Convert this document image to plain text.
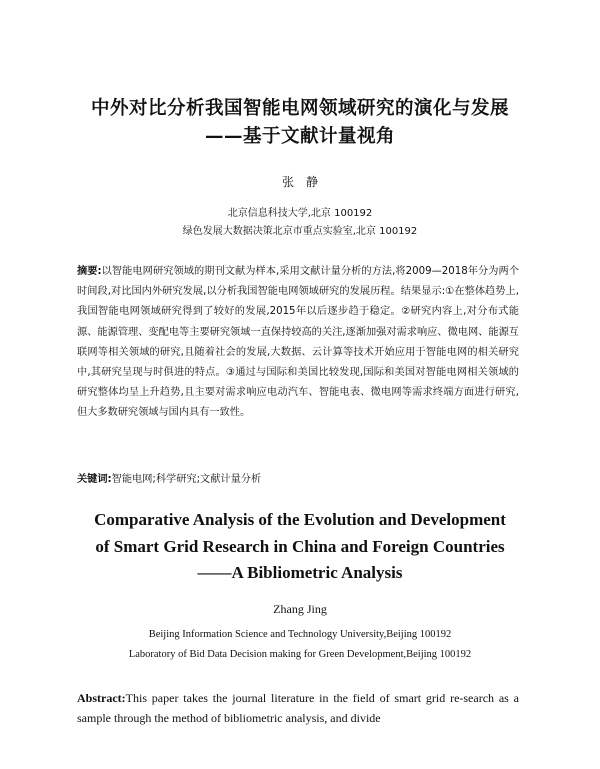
中外对比分析我国智能电网领域研究的演化与发展
——基于文献计量视角
张静
北京信息科技大学,北京 100192
绿色发展大数据决策北京市重点实验室,北京 100192
摘要:以智能电网研究领域的期刊文献为样本,采用文献计量分析的方法,将2009—2018年分为两个时间段,对比国内外研究发展,以分析我国智能电网领域研究的发展历程。结果显示:①在整体趋势上,我国智能电网领域研究得到了较好的发展,2015年以后逐步趋于稳定。②研究内容上,对分布式能源、能源管理、变配电等主要研究领域一直保持较高的关注,逐渐加强对需求响应、微电网、能源互联网等相关领域的研究,且随着社会的发展,大数据、云计算等技术开始应用于智能电网的相关研究中,其研究呈现与时俱进的特点。③通过与国际和美国比较发现,国际和美国对智能电网相关领域的研究整体均呈上升趋势,且主要对需求响应电动汽车、智能电表、微电网等需求终端方面进行研究,但大多数研究领域与国内具有一致性。
关键词:智能电网;科学研究;文献计量分析
Comparative Analysis of the Evolution and Development
of Smart Grid Research in China and Foreign Countries
——A Bibliometric Analysis
Zhang Jing
Beijing Information Science and Technology University,Beijing 100192
Laboratory of Bid Data Decision making for Green Development,Beijing 100192
Abstract:This paper takes the journal literature in the field of smart grid re-search as a sample through the method of bibliometric analysis, and divide
